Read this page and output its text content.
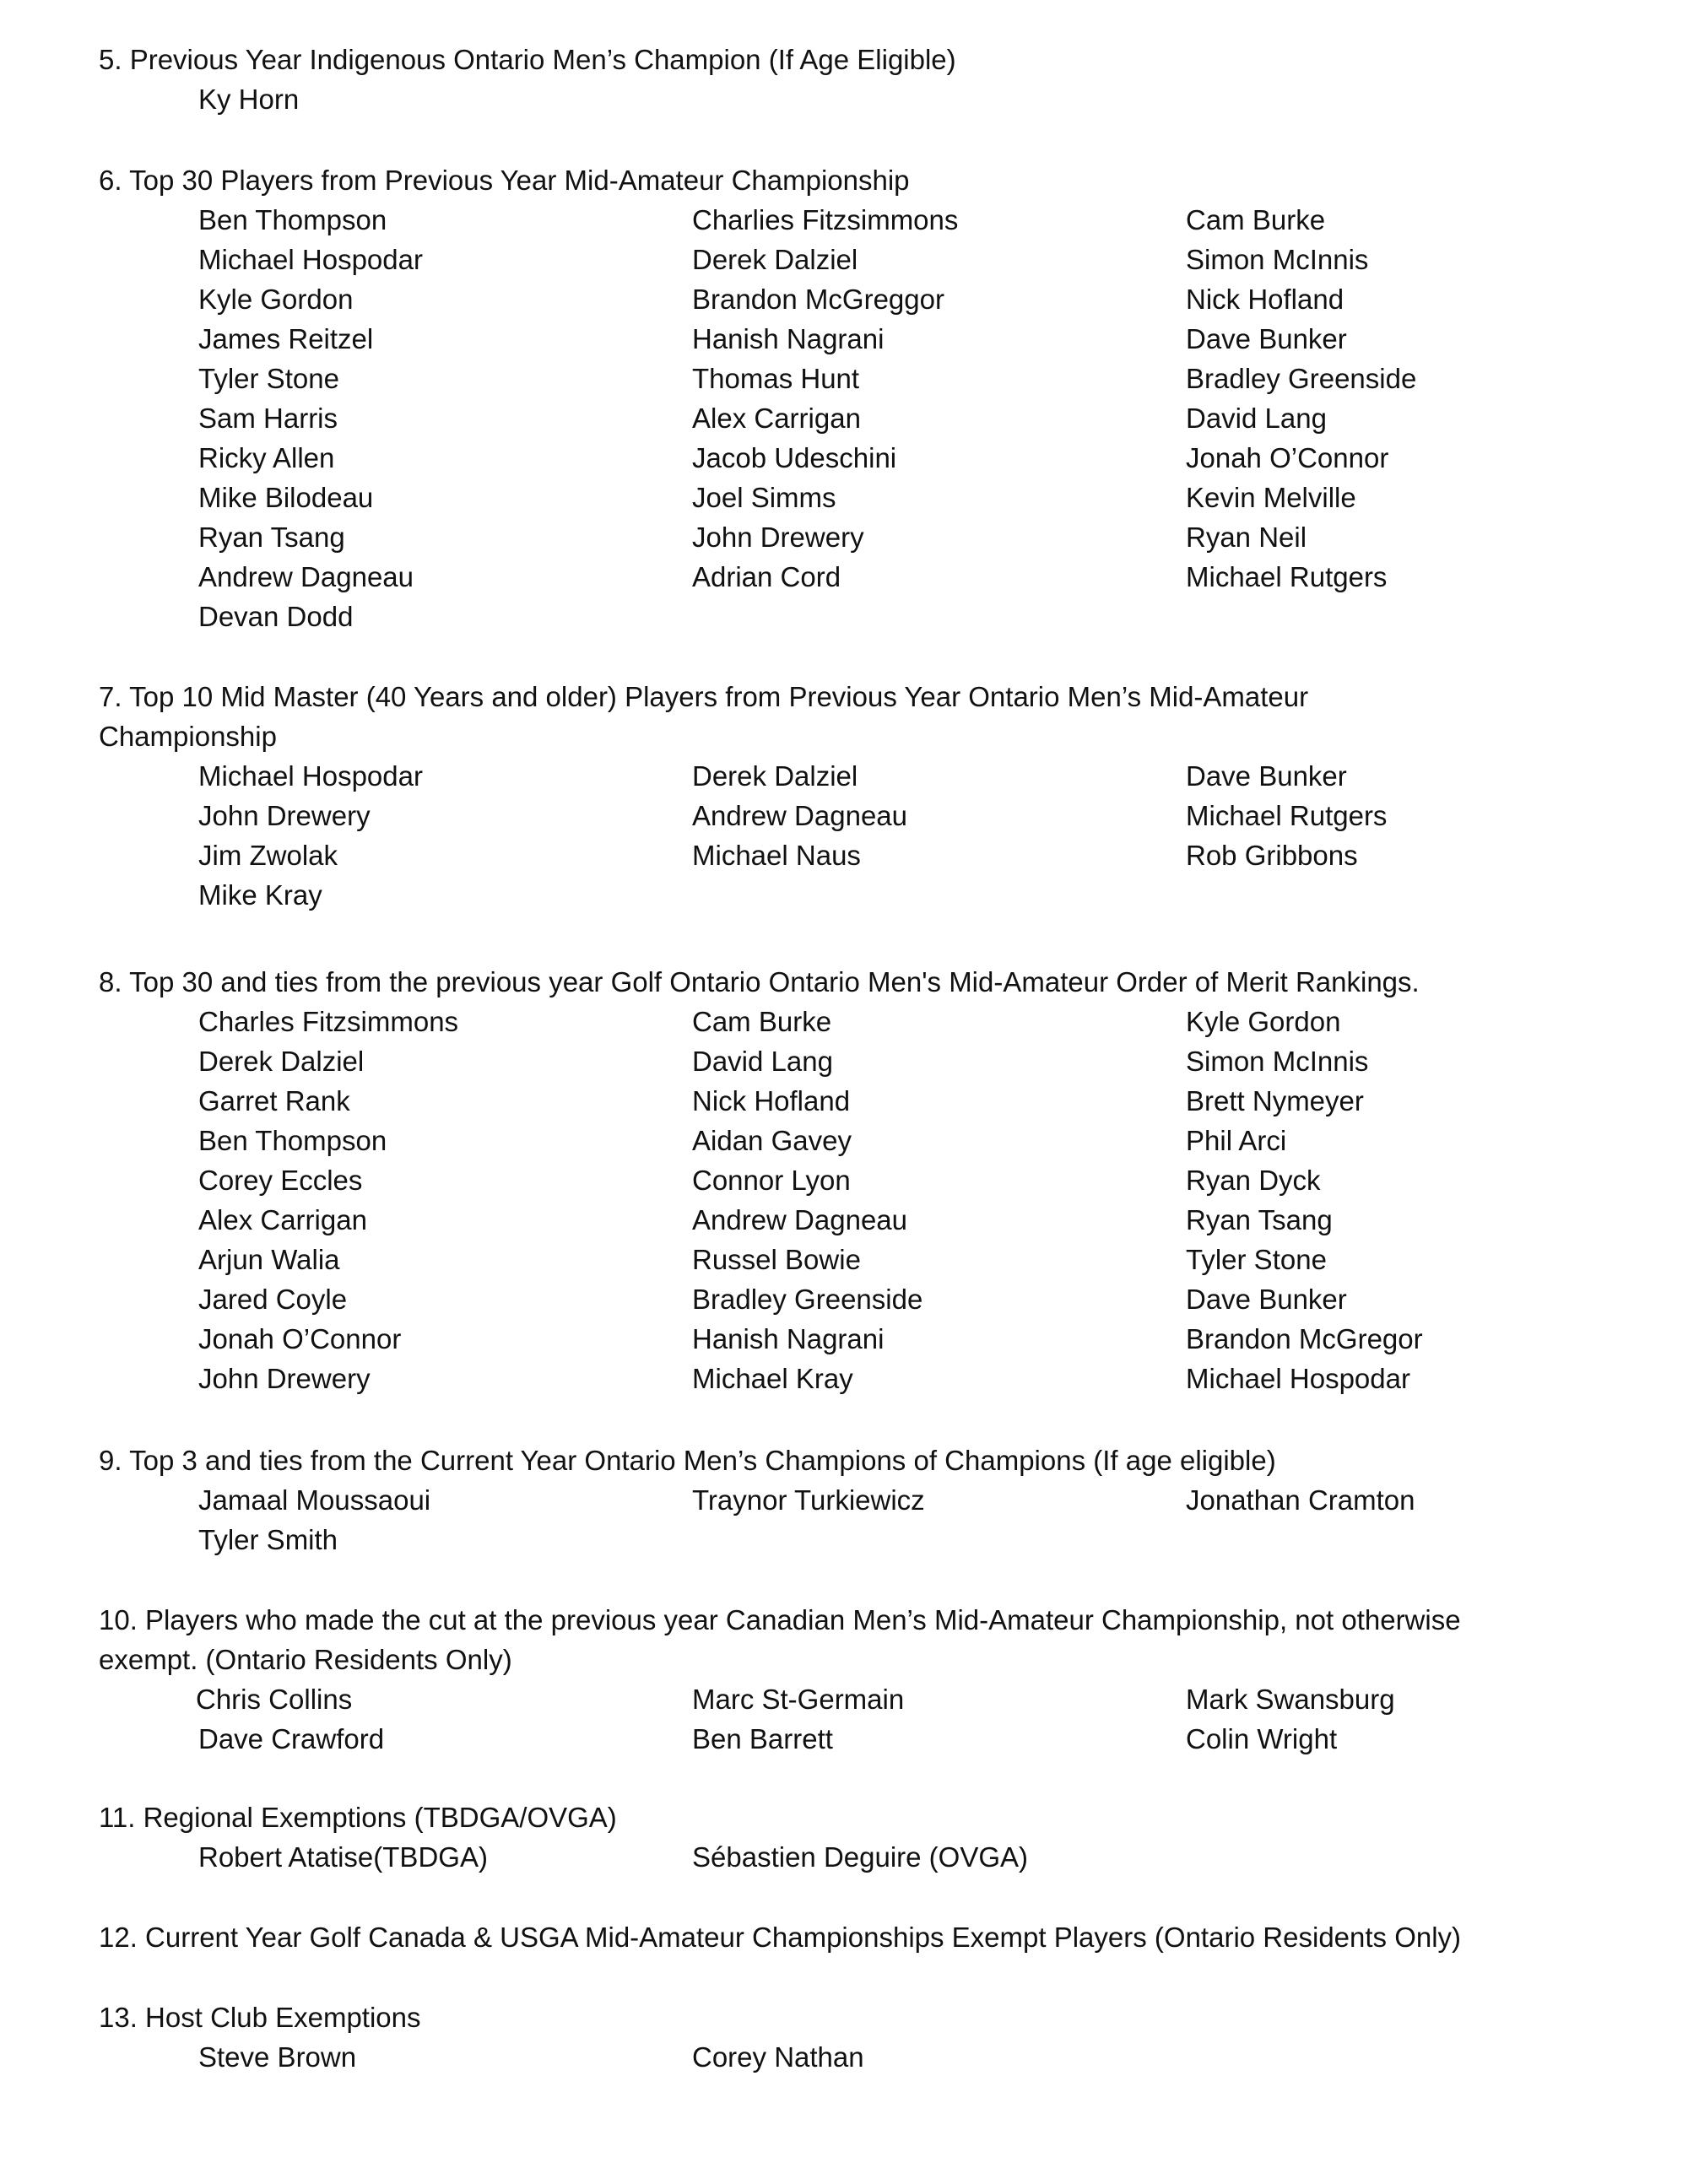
5. Previous Year Indigenous Ontario Men’s Champion (If Age Eligible)

Ky Horn

6. Top 30 Players from Previous Year Mid-Amateur Championship

Ben Thompson	Charlies Fitzsimmons	Cam Burke
Michael Hospodar	Derek Dalziel	Simon McInnis
Kyle Gordon	Brandon McGreggor	Nick Hofland
James Reitzel	Hanish Nagrani	Dave Bunker
Tyler Stone	Thomas Hunt	Bradley Greenside
Sam Harris	Alex Carrigan	David Lang
Ricky Allen	Jacob Udeschini	Jonah O’Connor
Mike Bilodeau	Joel Simms	Kevin Melville
Ryan Tsang	John Drewery	Ryan Neil
Andrew Dagneau	Adrian Cord	Michael Rutgers
Devan Dodd

7. Top 10 Mid Master (40 Years and older) Players from Previous Year Ontario Men’s Mid-Amateur Championship

Michael Hospodar	Derek Dalziel	Dave Bunker
John Drewery	Andrew Dagneau	Michael Rutgers
Jim Zwolak	Michael Naus	Rob Gribbons
Mike Kray

8. Top 30 and ties from the previous year Golf Ontario Ontario Men's Mid-Amateur Order of Merit Rankings.

Charles Fitzsimmons	Cam Burke	Kyle Gordon
Derek Dalziel	David Lang	Simon McInnis
Garret Rank	Nick Hofland	Brett Nymeyer
Ben Thompson	Aidan Gavey	Phil Arci
Corey Eccles	Connor Lyon	Ryan Dyck
Alex Carrigan	Andrew Dagneau	Ryan Tsang
Arjun Walia	Russel Bowie	Tyler Stone
Jared Coyle	Bradley Greenside	Dave Bunker
Jonah O’Connor	Hanish Nagrani	Brandon McGregor
John Drewery	Michael Kray	Michael Hospodar

9. Top 3 and ties from the Current Year Ontario Men’s Champions of Champions (If age eligible)

Jamaal Moussaoui	Traynor Turkiewicz	Jonathan Cramton
Tyler Smith

10. Players who made the cut at the previous year Canadian Men’s Mid-Amateur Championship, not otherwise exempt. (Ontario Residents Only)

Chris Collins	Marc St-Germain	Mark Swansburg
Dave Crawford	Ben Barrett	Colin Wright

11. Regional Exemptions (TBDGA/OVGA)

Robert Atatise(TBDGA)	Sébastien Deguire (OVGA)

12. Current Year Golf Canada & USGA Mid-Amateur Championships Exempt Players (Ontario Residents Only)

13. Host Club Exemptions

Steve Brown	Corey Nathan
